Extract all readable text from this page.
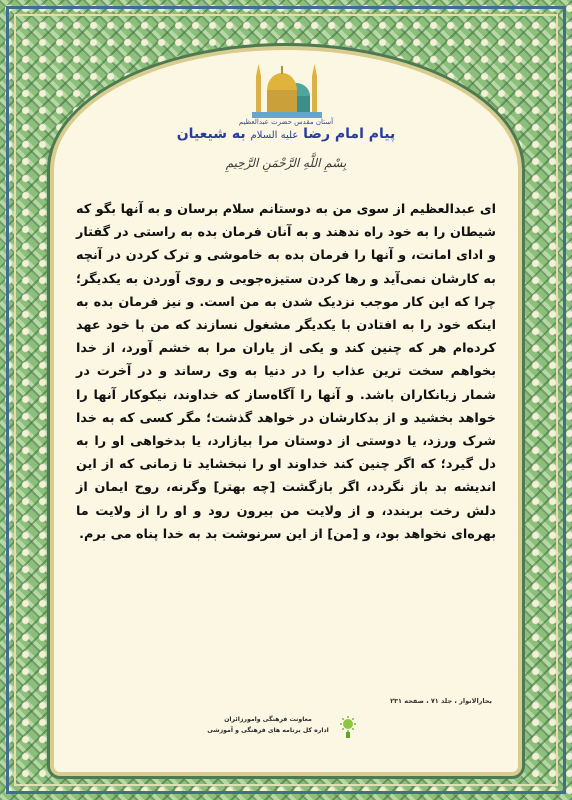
آستان مقدس حضرت عبدالعظیم
پیام امام رضا علیه السلام به شیعیان
بِسْمِ اللَّهِ الرَّحْمَنِ الرَّحِيمِ
ای عبدالعظیم از سوی من به دوستانم سلام برسان و به آنها بگو که شیطان را به خود راه ندهند و به آنان فرمان بده به راستی در گفتار و ادای امانت، و آنها را فرمان بده به خاموشی و ترک کردن در آنچه به کارشان نمی‌آید و رها کردن ستیزه‌جویی و روی آوردن به یکدیگر؛ چرا که این کار موجب نزدیک شدن به من است. و نیز فرمان بده به اینکه خود را به افتادن با یکدیگر مشغول نسازند که من با خود عهد کرده‌ام هر که چنین کند و یکی از یاران مرا به خشم آورد، از خدا بخواهم سخت ترین عذاب را در دنیا به وی رساند و در آخرت در شمار زیانکاران باشد. و آنها را آگاه‌ساز که خداوند، نیکوکار آنها را خواهد بخشید و از بدکارشان در خواهد گذشت؛ مگر کسی که به خدا شرک ورزد، یا دوستی از دوستان مرا بیازارد، یا بدخواهی او را به دل گیرد؛ که اگر چنین کند خداوند او را نبخشاید تا زمانی که از این اندیشه بد باز نگردد، اگر بازگشت [چه بهتر] وگرنه، روح ایمان از دلش رخت بربندد، و از ولایت من بیرون رود و او را از ولایت ما بهره‌ای نخواهد بود، و [من] از این سرنوشت بد به خدا پناه می برم.
بحارالانوار ، جلد ۷۱ ، صفحه ۲۳۱
معاونت فرهنگی وامورزائران
اداره کل برنامه های فرهنگی و آموزشی
